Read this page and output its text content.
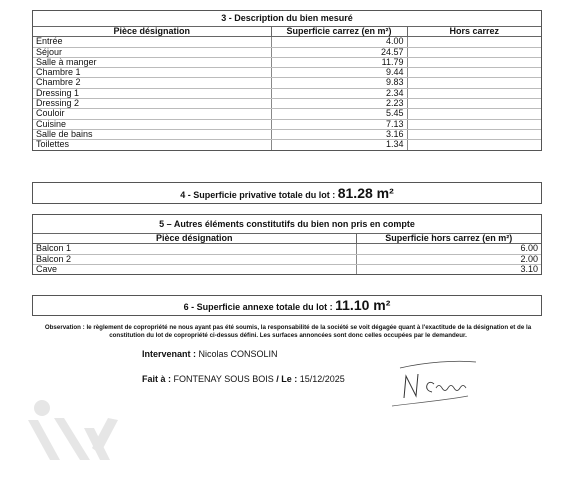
3 - Description du bien mesuré
Pièce désignation	Superficie carrez (en m²)	Hors carrez
Entrée	4.00	
Séjour	24.57	
Salle à manger	11.79	
Chambre 1	9.44	
Chambre 2	9.83	
Dressing 1	2.34	
Dressing 2	2.23	
Couloir	5.45	
Cuisine	7.13	
Salle de bains	3.16	
Toilettes	1.34	
4 - Superficie privative totale du lot : 81.28 m²
5 – Autres éléments constitutifs du bien non pris en compte
Pièce désignation	Superficie hors carrez (en m²)
Balcon 1	6.00
Balcon 2	2.00
Cave	3.10
6 - Superficie annexe totale du lot : 11.10 m²
Observation : le règlement de copropriété ne nous ayant pas été soumis, la responsabilité de la société se voit dégagée quant à l'exactitude de la désignation et de la constitution du lot de copropriété ci-dessus défini. Les surfaces annoncées sont donc celles occupées par le demandeur.
Intervenant : Nicolas CONSOLIN
Fait à : FONTENAY SOUS BOIS / Le : 15/12/2025
